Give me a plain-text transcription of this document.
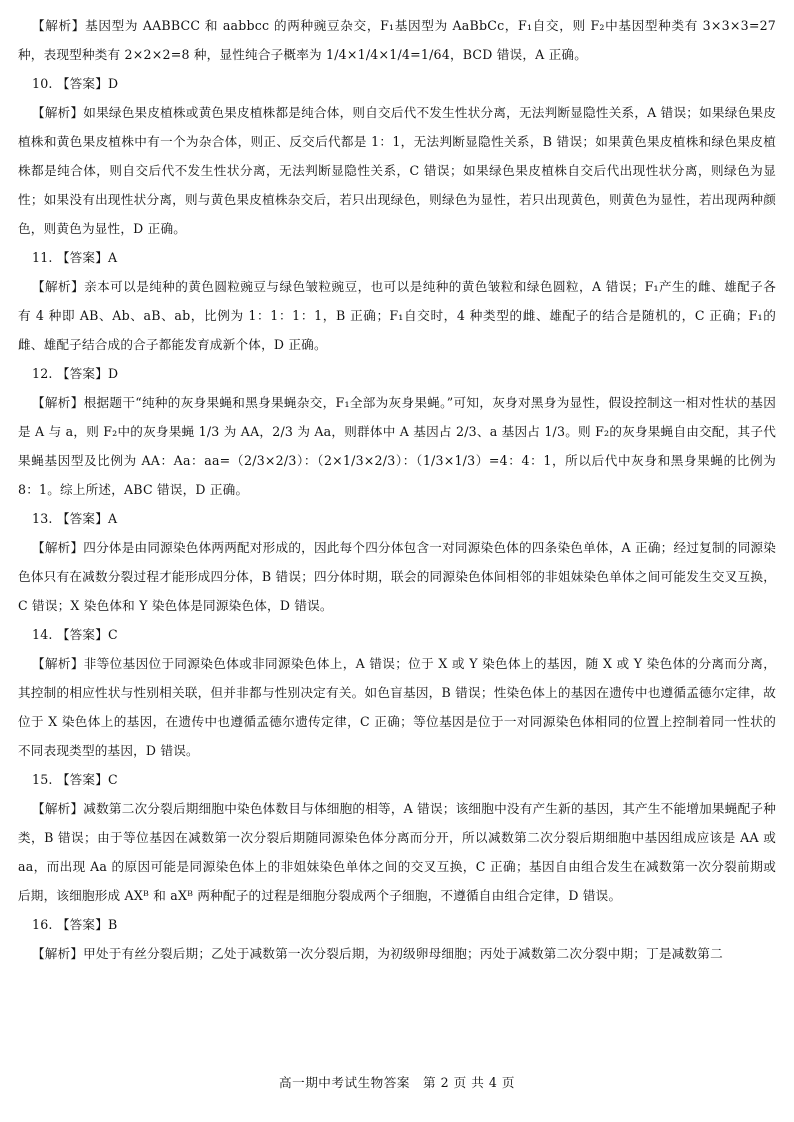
【解析】基因型为 AABBCC 和 aabbcc 的两种豌豆杂交，F₁基因型为 AaBbCc，F₁自交，则 F₂中基因型种类有 3×3×3=27 种，表现型种类有 2×2×2=8 种，显性纯合子概率为 1/4×1/4×1/4=1/64，BCD 错误，A 正确。

10. 【答案】D

【解析】如果绿色果皮植株或黄色果皮植株都是纯合体，则自交后代不发生性状分离，无法判断显隐性关系，A 错误；如果绿色果皮植株和黄色果皮植株中有一个为杂合体，则正、反交后代都是 1：1，无法判断显隐性关系，B 错误；如果黄色果皮植株和绿色果皮植株都是纯合体，则自交后代不发生性状分离，无法判断显隐性关系，C 错误；如果绿色果皮植株自交后代出现性状分离，则绿色为显性；如果没有出现性状分离，则与黄色果皮植株杂交后，若只出现绿色，则绿色为显性，若只出现黄色，则黄色为显性，若出现两种颜色，则黄色为显性，D 正确。

11. 【答案】A

【解析】亲本可以是纯种的黄色圆粒豌豆与绿色皱粒豌豆，也可以是纯种的黄色皱粒和绿色圆粒，A 错误；F₁产生的雌、雄配子各有 4 种即 AB、Ab、aB、ab，比例为 1：1：1：1，B 正确；F₁自交时，4 种类型的雌、雄配子的结合是随机的，C 正确；F₁的雌、雄配子结合成的合子都能发育成新个体，D 正确。

12. 【答案】D

【解析】根据题干“纯种的灰身果蝇和黑身果蝇杂交，F₁全部为灰身果蝇。”可知，灰身对黑身为显性，假设控制这一相对性状的基因是 A 与 a，则 F₂中的灰身果蝇 1/3 为 AA，2/3 为 Aa，则群体中 A 基因占 2/3、a 基因占 1/3。则 F₂的灰身果蝇自由交配，其子代果蝇基因型及比例为 AA：Aa：aa=（2/3×2/3）：（2×1/3×2/3）：（1/3×1/3）=4：4：1，所以后代中灰身和黑身果蝇的比例为 8：1。综上所述，ABC 错误，D 正确。

13. 【答案】A

【解析】四分体是由同源染色体两两配对形成的，因此每个四分体包含一对同源染色体的四条染色单体，A 正确；经过复制的同源染色体只有在减数分裂过程才能形成四分体，B 错误；四分体时期，联会的同源染色体间相邻的非姐妹染色单体之间可能发生交叉互换，C 错误；X 染色体和 Y 染色体是同源染色体，D 错误。

14. 【答案】C

【解析】非等位基因位于同源染色体或非同源染色体上，A 错误；位于 X 或 Y 染色体上的基因，随 X 或 Y 染色体的分离而分离，其控制的相应性状与性别相关联，但并非都与性别决定有关。如色盲基因，B 错误；性染色体上的基因在遗传中也遵循孟德尔定律，故位于 X 染色体上的基因，在遗传中也遵循孟德尔遗传定律，C 正确；等位基因是位于一对同源染色体相同的位置上控制着同一性状的不同表现类型的基因，D 错误。

15. 【答案】C

【解析】减数第二次分裂后期细胞中染色体数目与体细胞的相等，A 错误；该细胞中没有产生新的基因，其产生不能增加果蝇配子种类，B 错误；由于等位基因在减数第一次分裂后期随同源染色体分离而分开，所以减数第二次分裂后期细胞中基因组成应该是 AA 或 aa，而出现 Aa 的原因可能是同源染色体上的非姐妹染色单体之间的交叉互换，C 正确；基因自由组合发生在减数第一次分裂前期或后期，该细胞形成 AXᴮ 和 aXᴮ 两种配子的过程是细胞分裂成两个子细胞，不遵循自由组合定律，D 错误。

16. 【答案】B

【解析】甲处于有丝分裂后期；乙处于减数第一次分裂后期，为初级卵母细胞；丙处于减数第二次分裂中期；丁是减数第二

高一期中考试生物答案　第 2 页 共 4 页
